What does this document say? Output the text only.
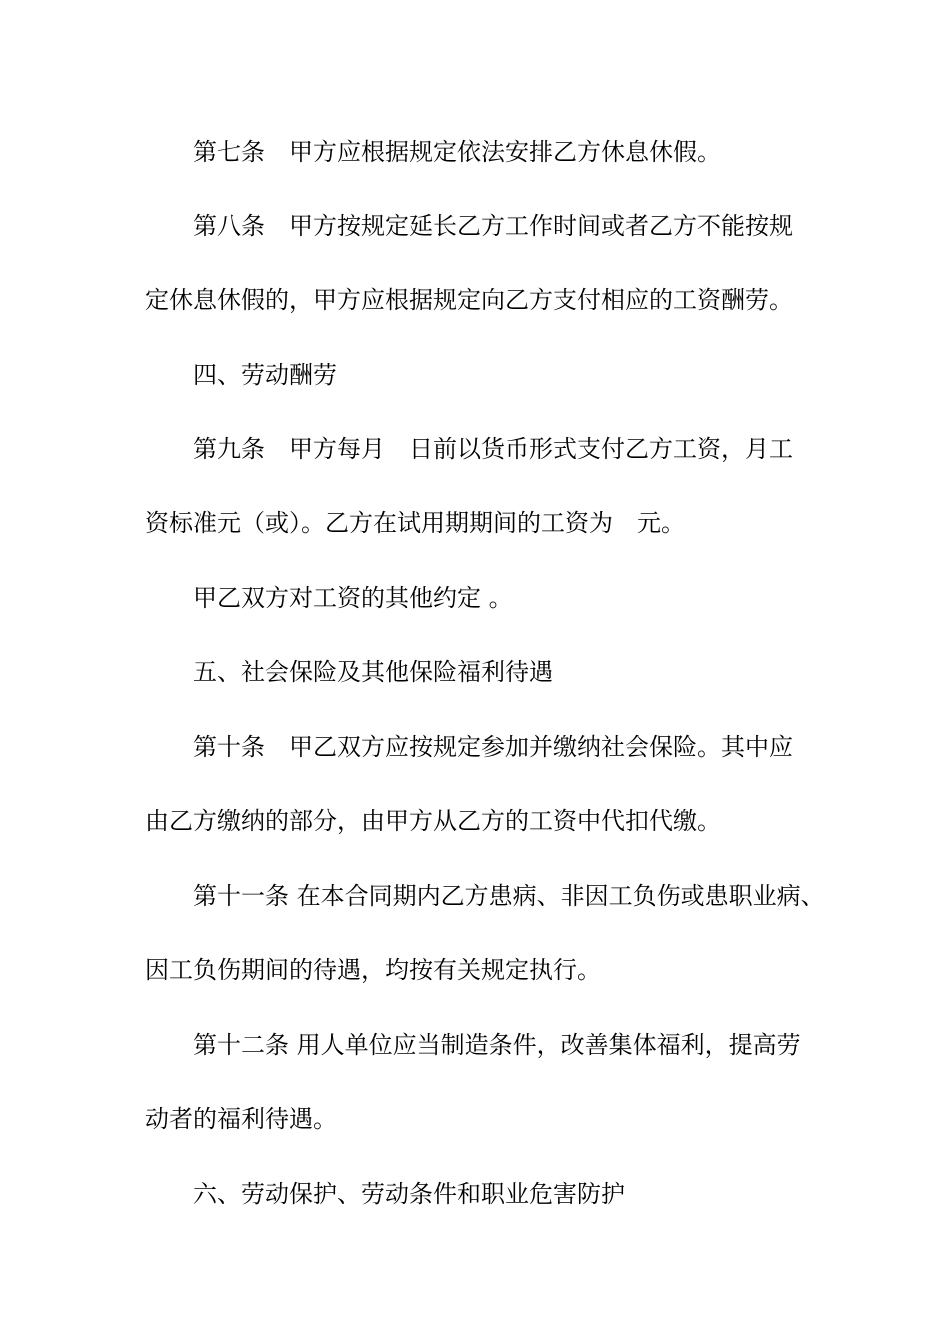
第七条　甲方应根据规定依法安排乙方休息休假。
第八条　甲方按规定延长乙方工作时间或者乙方不能按规
定休息休假的，甲方应根据规定向乙方支付相应的工资酬劳。
四、劳动酬劳
第九条　甲方每月　日前以货币形式支付乙方工资，月工
资标准元（或）。乙方在试用期期间的工资为　元。
甲乙双方对工资的其他约定 。
五、社会保险及其他保险福利待遇
第十条　甲乙双方应按规定参加并缴纳社会保险。其中应
由乙方缴纳的部分，由甲方从乙方的工资中代扣代缴。
第十一条 在本合同期内乙方患病、非因工负伤或患职业病、
因工负伤期间的待遇，均按有关规定执行。
第十二条 用人单位应当制造条件，改善集体福利，提高劳
动者的福利待遇。
六、劳动保护、劳动条件和职业危害防护
